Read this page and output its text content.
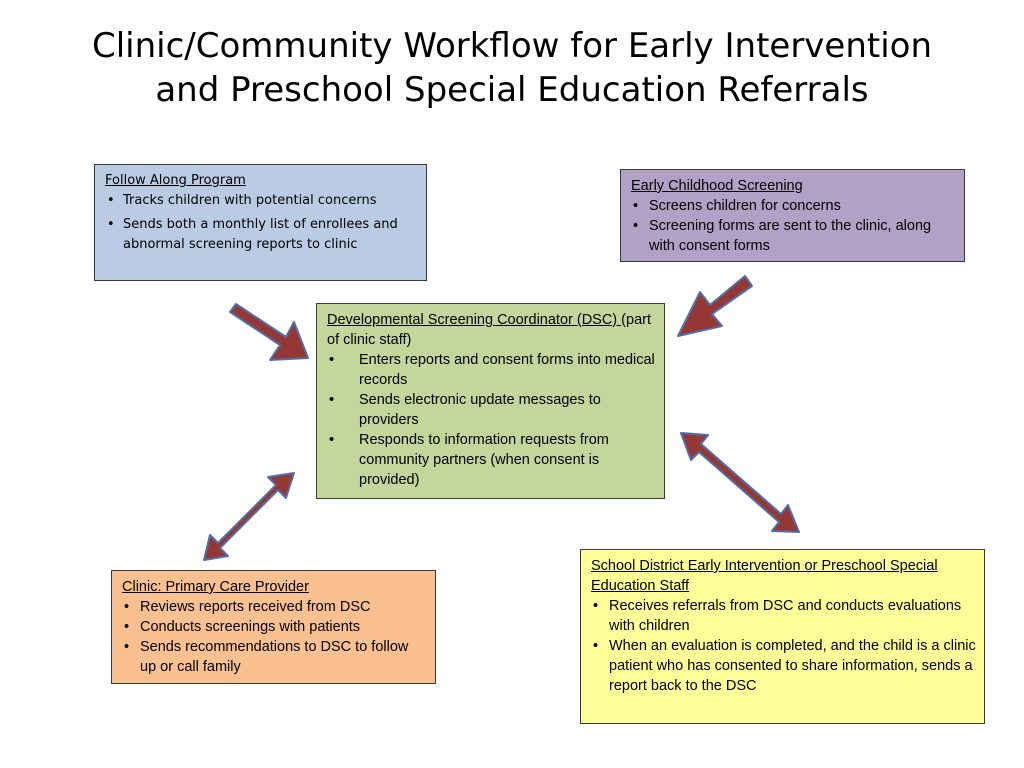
Clinic/Community Workflow for Early Intervention
and Preschool Special Education Referrals
Follow Along Program
• Tracks children with potential concerns
• Sends both a monthly list of enrollees and abnormal screening reports to clinic
Early Childhood Screening
• Screens children for concerns
• Screening forms are sent to the clinic, along with consent forms
Developmental Screening Coordinator (DSC) (part of clinic staff)
• Enters reports and consent forms into medical records
• Sends electronic update messages to providers
• Responds to information requests from community partners (when consent is provided)
Clinic: Primary Care Provider
• Reviews reports received from DSC
• Conducts screenings with patients
• Sends recommendations to DSC to follow up or call family
School District Early Intervention or Preschool Special Education Staff
• Receives referrals from DSC and conducts evaluations with children
• When an evaluation is completed, and the child is a clinic patient who has consented to share information, sends a report back to the DSC
